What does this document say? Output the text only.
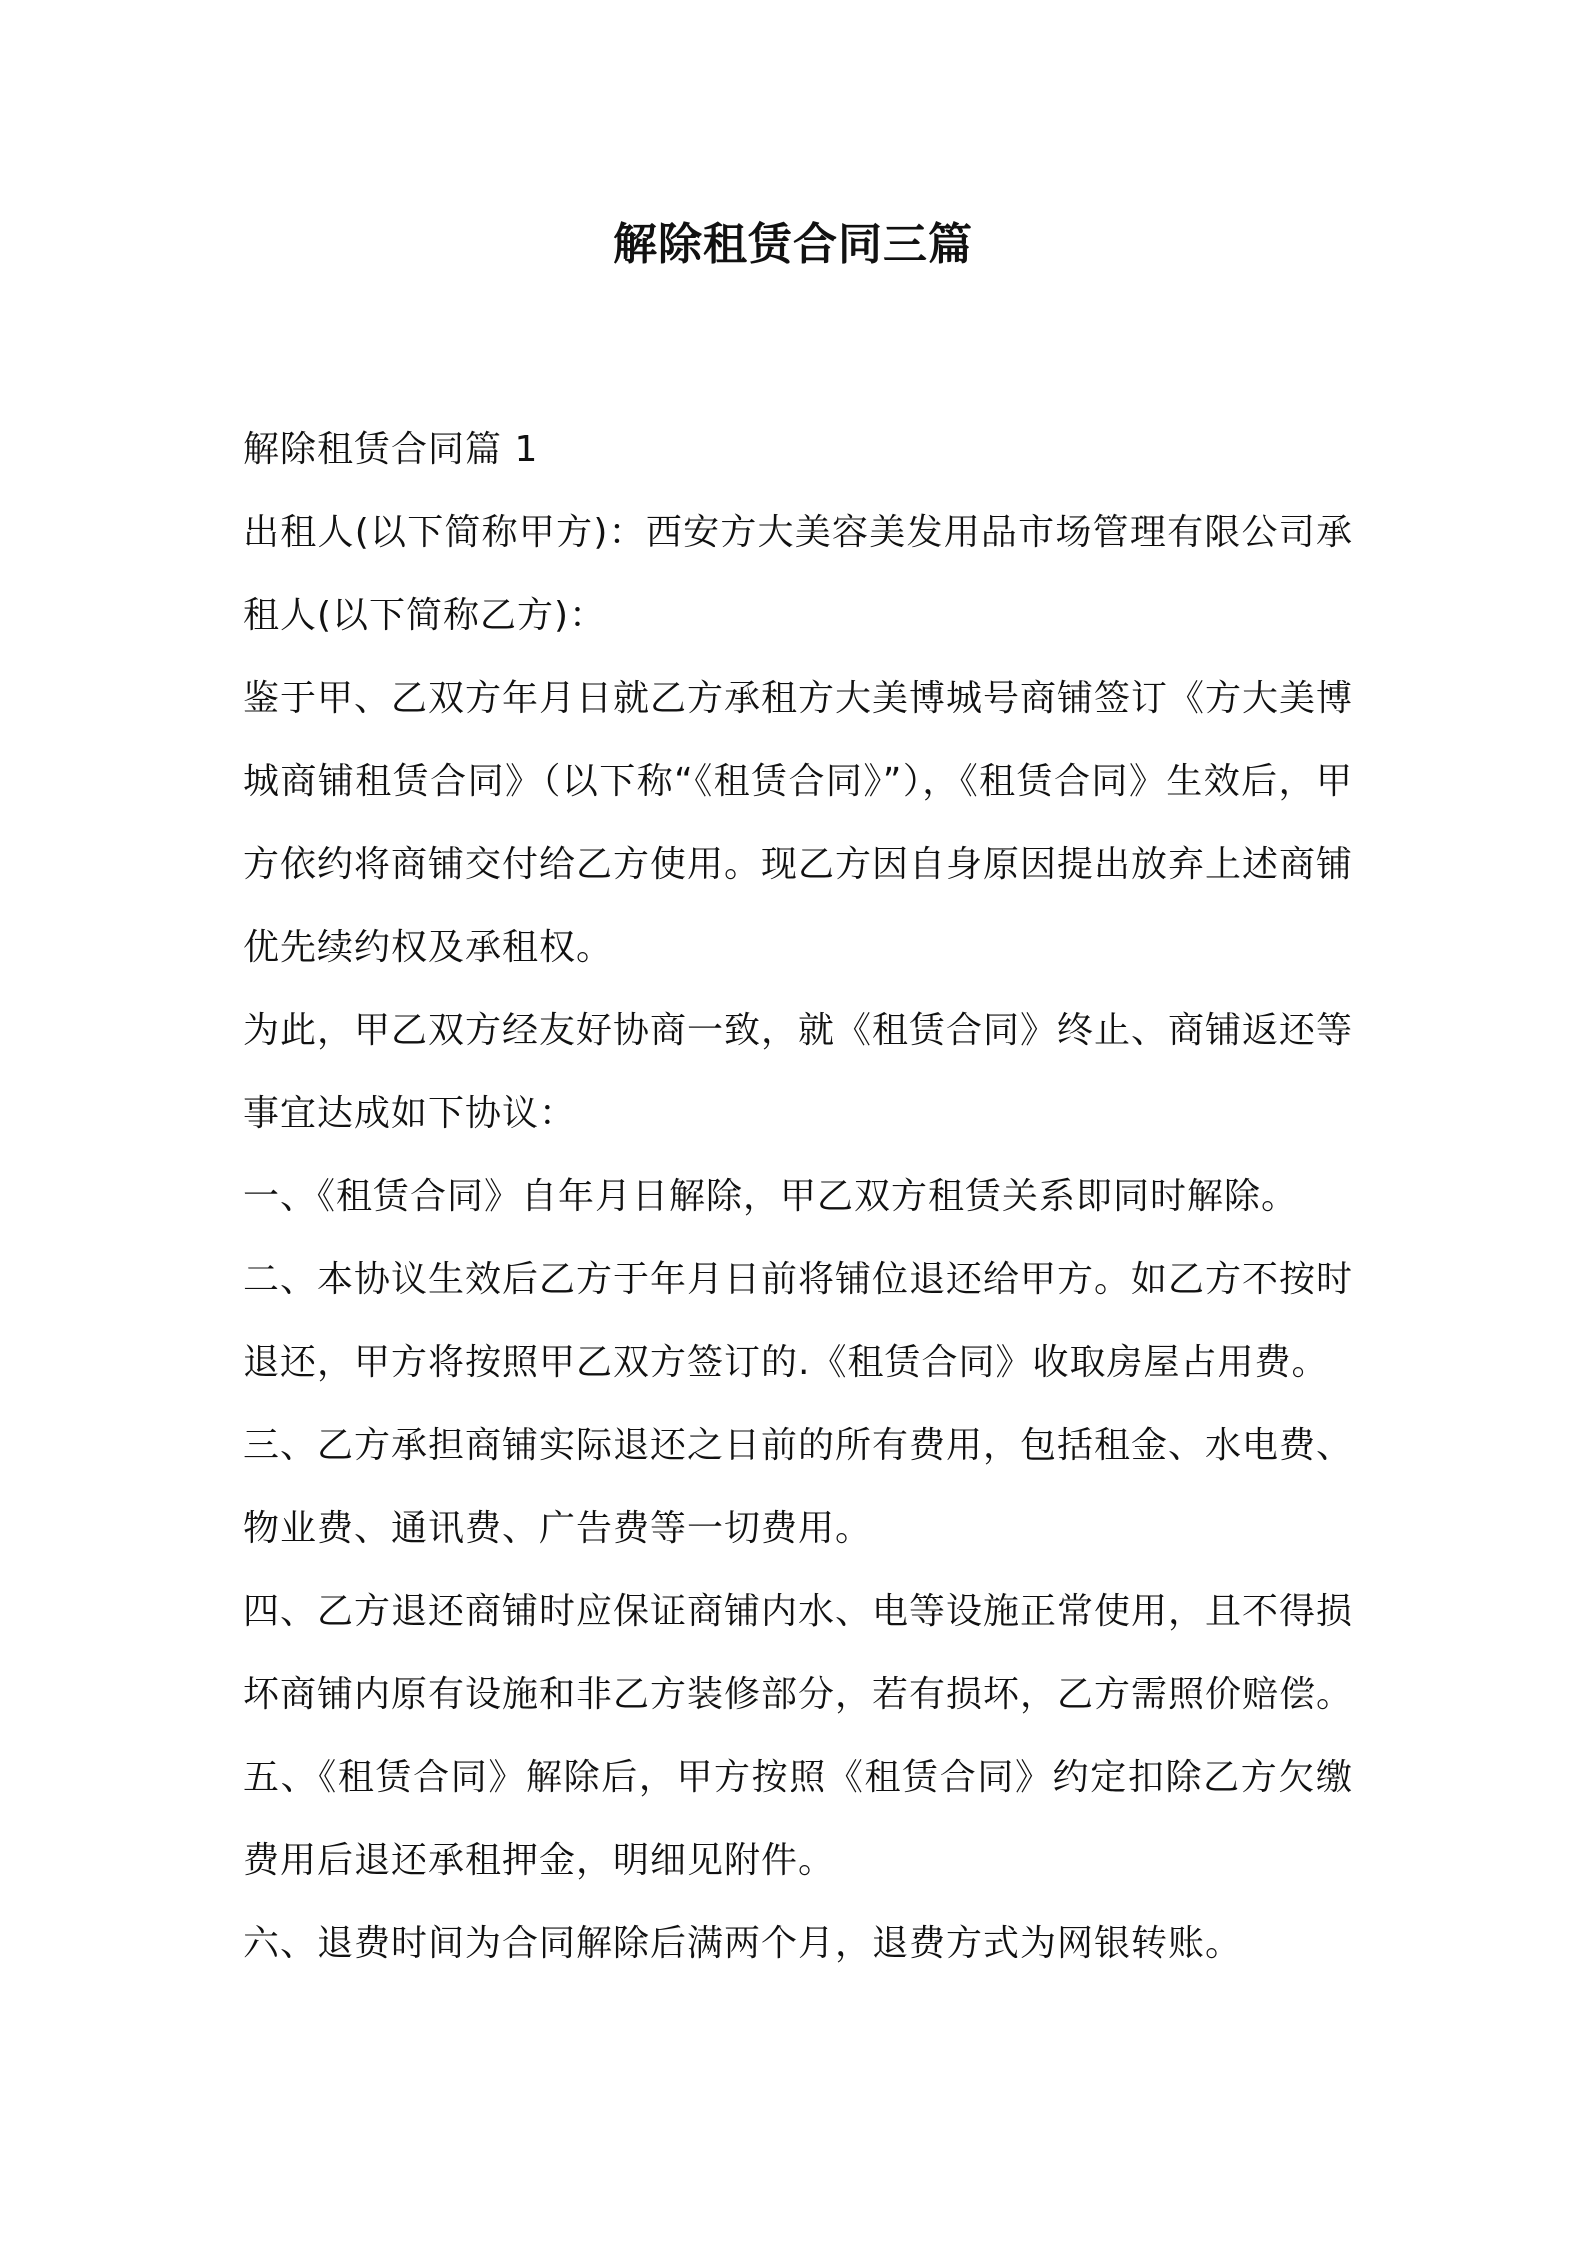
解除租赁合同三篇

解除租赁合同篇 1

出租人(以下简称甲方)：西安方大美容美发用品市场管理有限公司承租人(以下简称乙方)：

鉴于甲、乙双方年月日就乙方承租方大美博城号商铺签订《方大美博城商铺租赁合同》（以下称“《租赁合同》”），《租赁合同》生效后，甲方依约将商铺交付给乙方使用。现乙方因自身原因提出放弃上述商铺优先续约权及承租权。

为此，甲乙双方经友好协商一致，就《租赁合同》终止、商铺返还等事宜达成如下协议：

一、《租赁合同》自年月日解除，甲乙双方租赁关系即同时解除。

二、本协议生效后乙方于年月日前将铺位退还给甲方。如乙方不按时退还，甲方将按照甲乙双方签订的.《租赁合同》收取房屋占用费。

三、乙方承担商铺实际退还之日前的所有费用，包括租金、水电费、物业费、通讯费、广告费等一切费用。

四、乙方退还商铺时应保证商铺内水、电等设施正常使用，且不得损坏商铺内原有设施和非乙方装修部分，若有损坏，乙方需照价赔偿。

五、《租赁合同》解除后，甲方按照《租赁合同》约定扣除乙方欠缴费用后退还承租押金，明细见附件。

六、退费时间为合同解除后满两个月，退费方式为网银转账。
